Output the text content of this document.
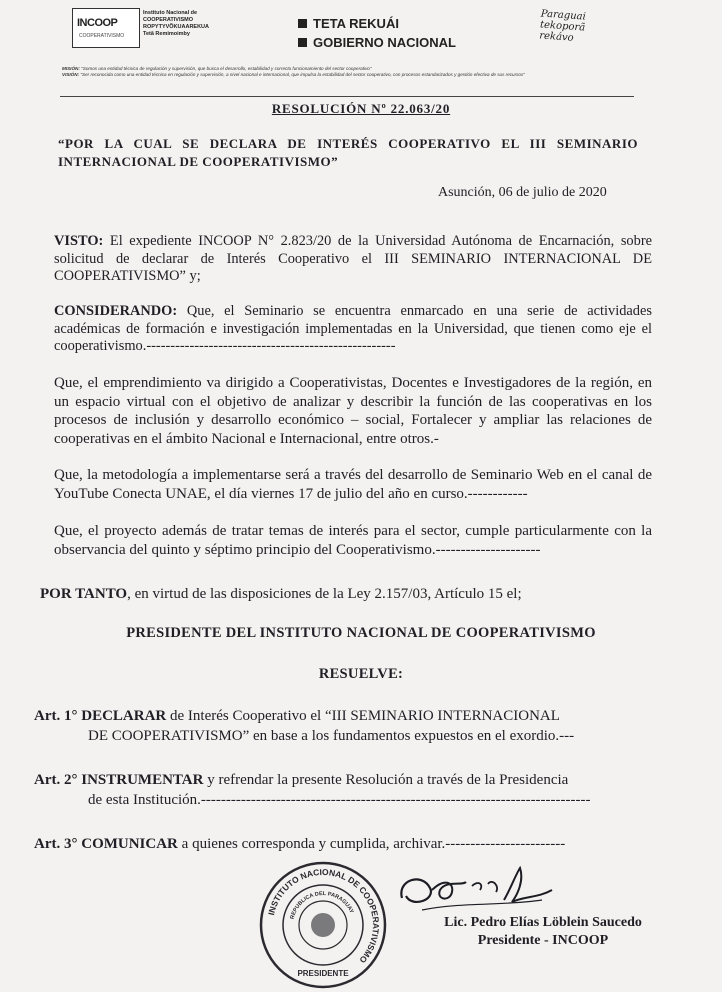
INCOOP
COOPERATIVISMO
Instituto Nacional de
COOPERATIVISMO
ROPYTYVÕKUAAREKUA
Tetã Remimoimby
TETA REKUÁI
GOBIERNO NACIONAL
Paraguai
tekoporã
rekávo
MISIÓN: "Somos una entidad técnica de regulación y supervisión, que busca el desarrollo, estabilidad y correcto funcionamiento del sector cooperativo"
VISIÓN: "Ser reconocida como una entidad técnica en regulación y supervisión, a nivel nacional e internacional, que impulsa la estabilidad del sector cooperativo, con procesos estandarizados y gestión efectiva de sus recursos"
RESOLUCIÓN Nº 22.063/20
“POR LA CUAL SE DECLARA DE INTERÉS COOPERATIVO EL III SEMINARIO INTERNACIONAL DE COOPERATIVISMO”
Asunción, 06 de julio de 2020
VISTO: El expediente INCOOP N° 2.823/20 de la Universidad Autónoma de Encarnación, sobre solicitud de declarar de Interés Cooperativo el III SEMINARIO INTERNACIONAL DE COOPERATIVISMO” y;
CONSIDERANDO: Que, el Seminario se encuentra enmarcado en una serie de actividades académicas de formación e investigación implementadas en la Universidad, que tienen como eje el cooperativismo.----------------------------------------------------
Que, el emprendimiento va dirigido a Cooperativistas, Docentes e Investigadores de la región, en un espacio virtual con el objetivo de analizar y describir la función de las cooperativas en los procesos de inclusión y desarrollo económico – social, Fortalecer y ampliar las relaciones de cooperativas en el ámbito Nacional e Internacional, entre otros.-
Que, la metodología a implementarse será a través del desarrollo de Seminario Web en el canal de YouTube Conecta UNAE, el día viernes 17 de julio del año en curso.------------
Que, el proyecto además de tratar temas de interés para el sector, cumple particularmente con la observancia del quinto y séptimo principio del Cooperativismo.---------------------
POR TANTO, en virtud de las disposiciones de la Ley 2.157/03, Artículo 15 el;
PRESIDENTE DEL INSTITUTO NACIONAL DE COOPERATIVISMO
RESUELVE:
Art. 1° DECLARAR de Interés Cooperativo el “III SEMINARIO INTERNACIONAL
DE COOPERATIVISMO” en base a los fundamentos expuestos en el exordio.---
Art. 2° INSTRUMENTAR y refrendar la presente Resolución a través de la Presidencia
de esta Institución.------------------------------------------------------------------------------
Art. 3° COMUNICAR a quienes corresponda y cumplida, archivar.------------------------
INSTITUTO NACIONAL DE COOPERATIVISMO
REPUBLICA DEL PARAGUAY
PRESIDENTE
Lic. Pedro Elías Löblein Saucedo
Presidente - INCOOP
